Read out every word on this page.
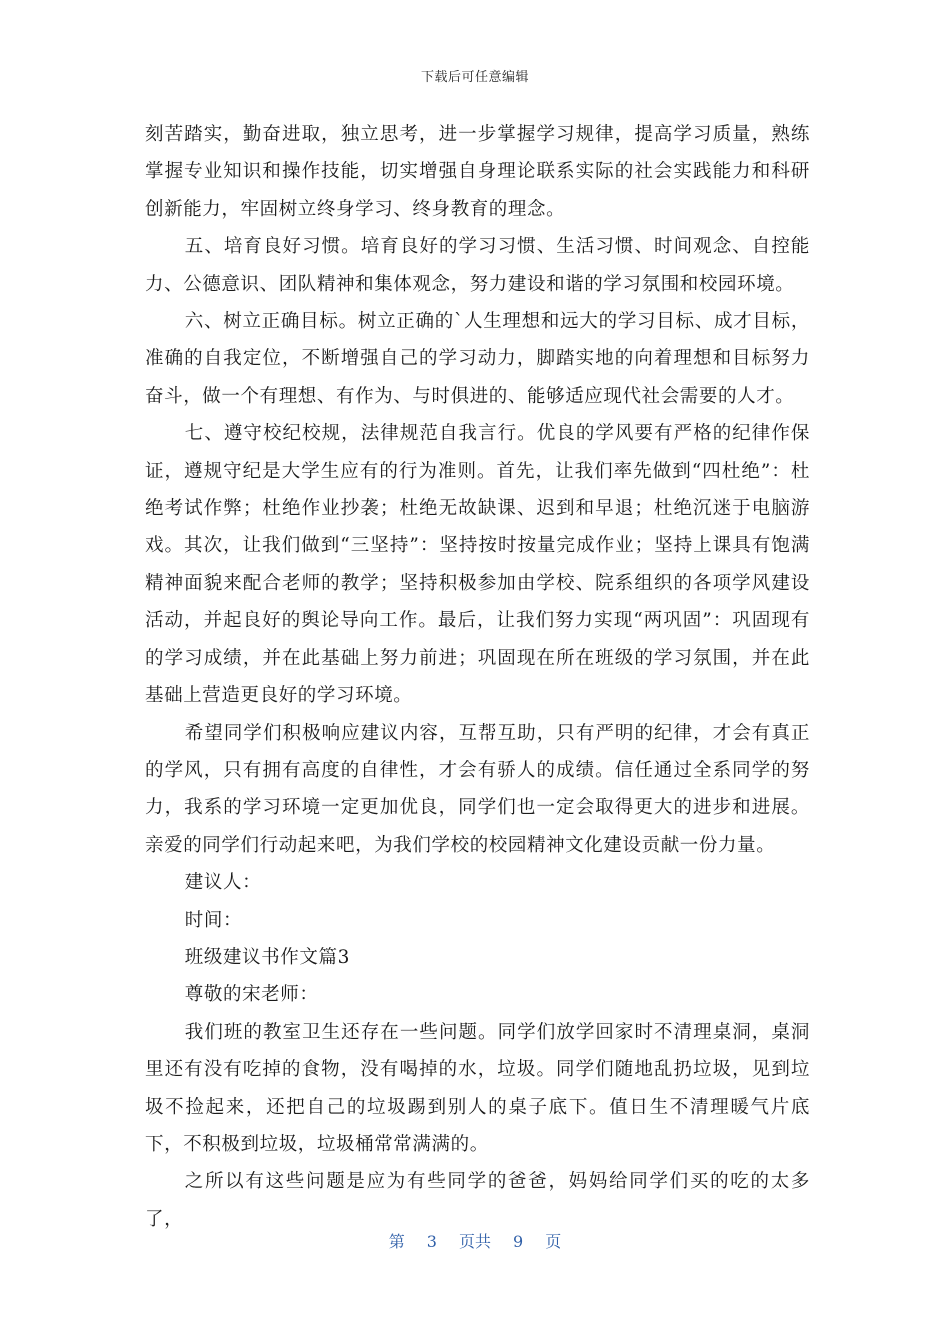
下载后可任意编辑

刻苦踏实，勤奋进取，独立思考，进一步掌握学习规律，提高学习质量，熟练掌握专业知识和操作技能，切实增强自身理论联系实际的社会实践能力和科研创新能力，牢固树立终身学习、终身教育的理念。

五、培育良好习惯。培育良好的学习习惯、生活习惯、时间观念、自控能力、公德意识、团队精神和集体观念，努力建设和谐的学习氛围和校园环境。

六、树立正确目标。树立正确的`人生理想和远大的学习目标、成才目标，准确的自我定位，不断增强自己的学习动力，脚踏实地的向着理想和目标努力奋斗，做一个有理想、有作为、与时俱进的、能够适应现代社会需要的人才。

七、遵守校纪校规，法律规范自我言行。优良的学风要有严格的纪律作保证，遵规守纪是大学生应有的行为准则。首先，让我们率先做到“四杜绝”：杜绝考试作弊；杜绝作业抄袭；杜绝无故缺课、迟到和早退；杜绝沉迷于电脑游戏。其次，让我们做到“三坚持”：坚持按时按量完成作业；坚持上课具有饱满精神面貌来配合老师的教学；坚持积极参加由学校、院系组织的各项学风建设活动，并起良好的舆论导向工作。最后，让我们努力实现“两巩固”：巩固现有的学习成绩，并在此基础上努力前进；巩固现在所在班级的学习氛围，并在此基础上营造更良好的学习环境。

希望同学们积极响应建议内容，互帮互助，只有严明的纪律，才会有真正的学风，只有拥有高度的自律性，才会有骄人的成绩。信任通过全系同学的努力，我系的学习环境一定更加优良，同学们也一定会取得更大的进步和进展。亲爱的同学们行动起来吧，为我们学校的校园精神文化建设贡献一份力量。

建议人：

时间：

班级建议书作文篇3

尊敬的宋老师：

我们班的教室卫生还存在一些问题。同学们放学回家时不清理桌洞，桌洞里还有没有吃掉的食物，没有喝掉的水，垃圾。同学们随地乱扔垃圾，见到垃圾不捡起来，还把自己的垃圾踢到别人的桌子底下。值日生不清理暖气片底下，不积极到垃圾，垃圾桶常常满满的。

之所以有这些问题是应为有些同学的爸爸，妈妈给同学们买的吃的太多了，

第 3 页共 9 页
